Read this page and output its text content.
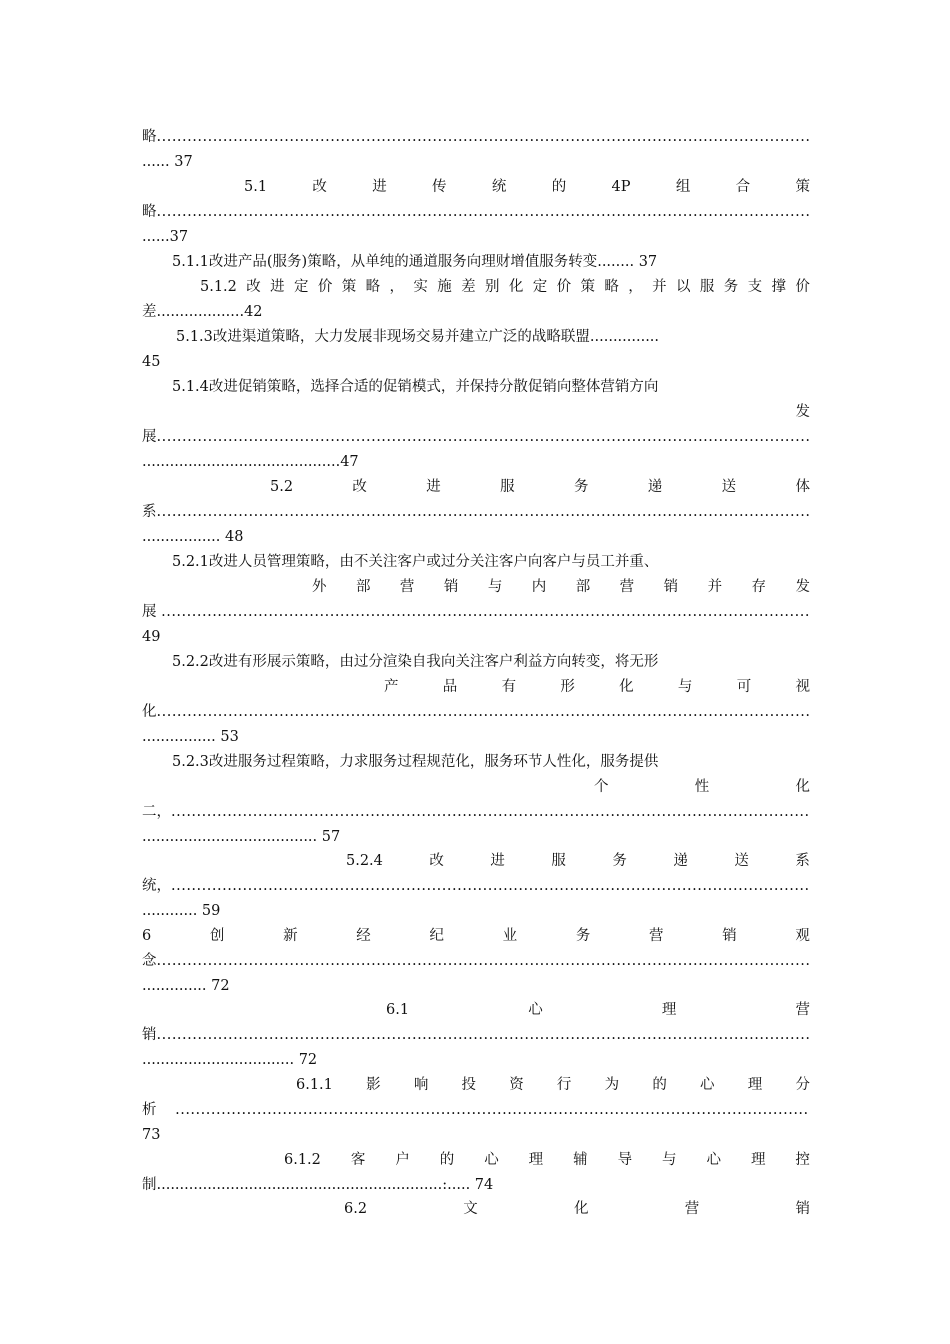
略
.....
...... 37
5.1	改	进	传	统	的	4P	组	合	策
略
.....
......37
5.1.1改进产品(服务)策略，从单纯的通道服务向理财增值服务转变........ 37
5.1.2 改 进 定 价 策 略 ， 实 施 差 别 化 定 价 策 略 ， 并 以 服 务 支 撑 价
差...................42
5.1.3改进渠道策略，大力发展非现场交易并建立广泛的战略联盟...............
45
5.1.4改进促销策略，选择合适的促销模式，并保持分散促销向整体营销方向
发
展
.....
...........................................47
5.2	改	进	服	务	递	送	体
系
.....
................. 48
5.2.1改进人员管理策略，由不关注客户或过分关注客户向客户与员工并重、
外 部 营 销 与 内 部 营 销 并 存 发
展
.....
49
5.2.2改进有形展示策略，由过分渲染自我向关注客户利益方向转变，将无形
产	品	有	形	化	与	可	视
化
.....
................ 53
5.2.3改进服务过程策略，力求服务过程规范化，服务环节人性化，服务提供
个	性	化
二，
.....
...................................... 57
5.2.4	改	进	服	务	递	送	系
统，
.....
............ 59
6	创	新	经	纪	业	务	营	销	观
念
.....
.............. 72
6.1	心	理	营
销
.....
................................. 72
6.1.1 影 响 投 资 行 为 的 心 理 分
析
.....
73
6.1.2 客 户 的 心 理 辅 导 与 心 理 控
制..............................................................:..... 74
6.2	文	化	营	销
